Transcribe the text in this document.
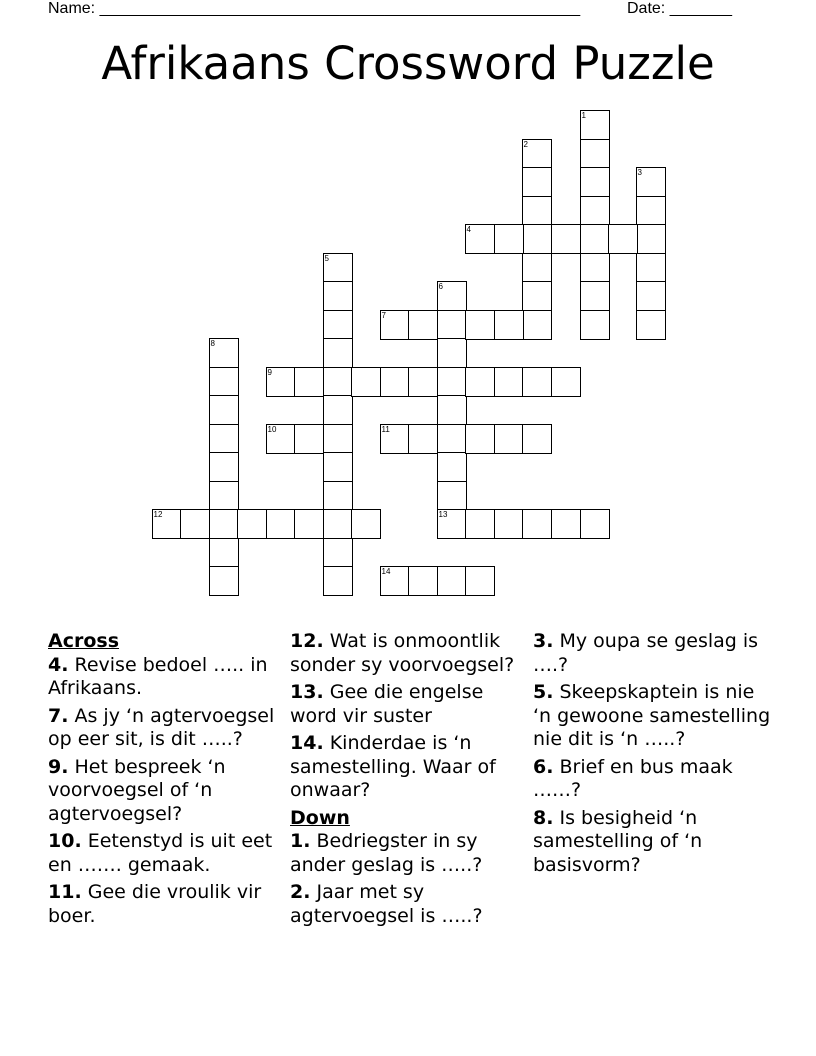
Name: ______________________________________________________	Date: _______
Afrikaans Crossword Puzzle
1
2
3
4
5
6
7
8
9
10	11
12	13
14
Across
4. Revise bedoel ….. in Afrikaans.
7. As jy ‘n agtervoegsel op eer sit, is dit …..?
9. Het bespreek ‘n voorvoegsel of ‘n agtervoegsel?
10. Eetenstyd is uit eet en ……. gemaak.
11. Gee die vroulik vir boer.
12. Wat is onmoontlik sonder sy voorvoegsel?
13. Gee die engelse word vir suster
14. Kinderdae is ‘n samestelling. Waar of onwaar?
Down
1. Bedriegster in sy ander geslag is …..?
2. Jaar met sy agtervoegsel is …..?
3. My oupa se geslag is ….?
5. Skeepskaptein is nie ‘n gewoone samestelling nie dit is ‘n …..?
6. Brief en bus maak ……?
8. Is besigheid ‘n samestelling of ‘n basisvorm?
